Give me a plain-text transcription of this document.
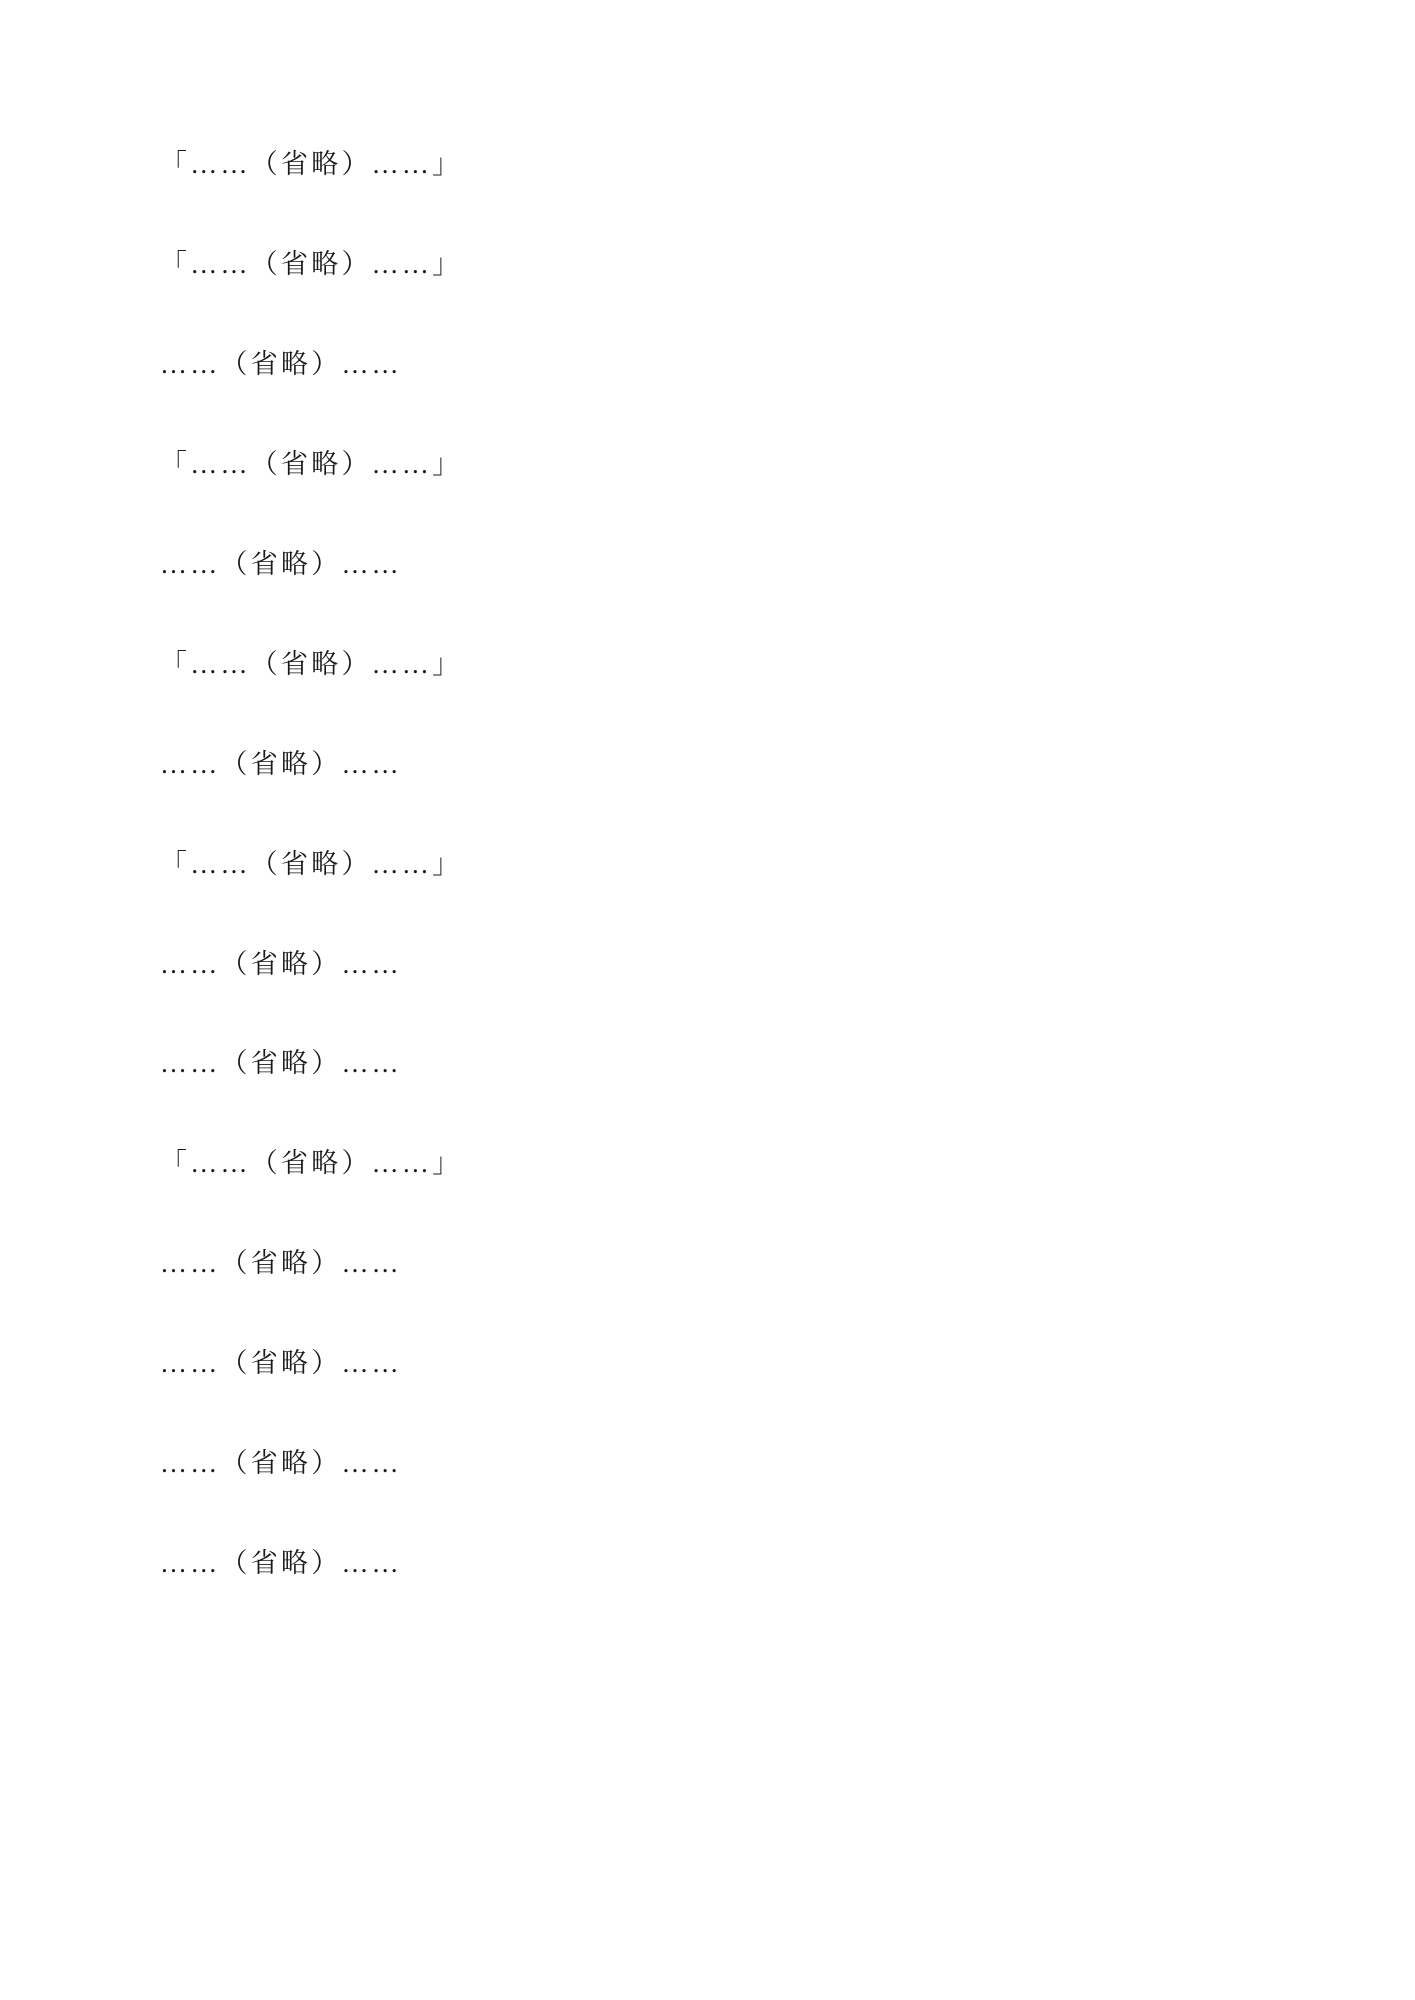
「……（省略）……」
「……（省略）……」
……（省略）……
「……（省略）……」
……（省略）……
「……（省略）……」
……（省略）……
「……（省略）……」
……（省略）……
……（省略）……
「……（省略）……」
……（省略）……
……（省略）……
……（省略）……
……（省略）……
